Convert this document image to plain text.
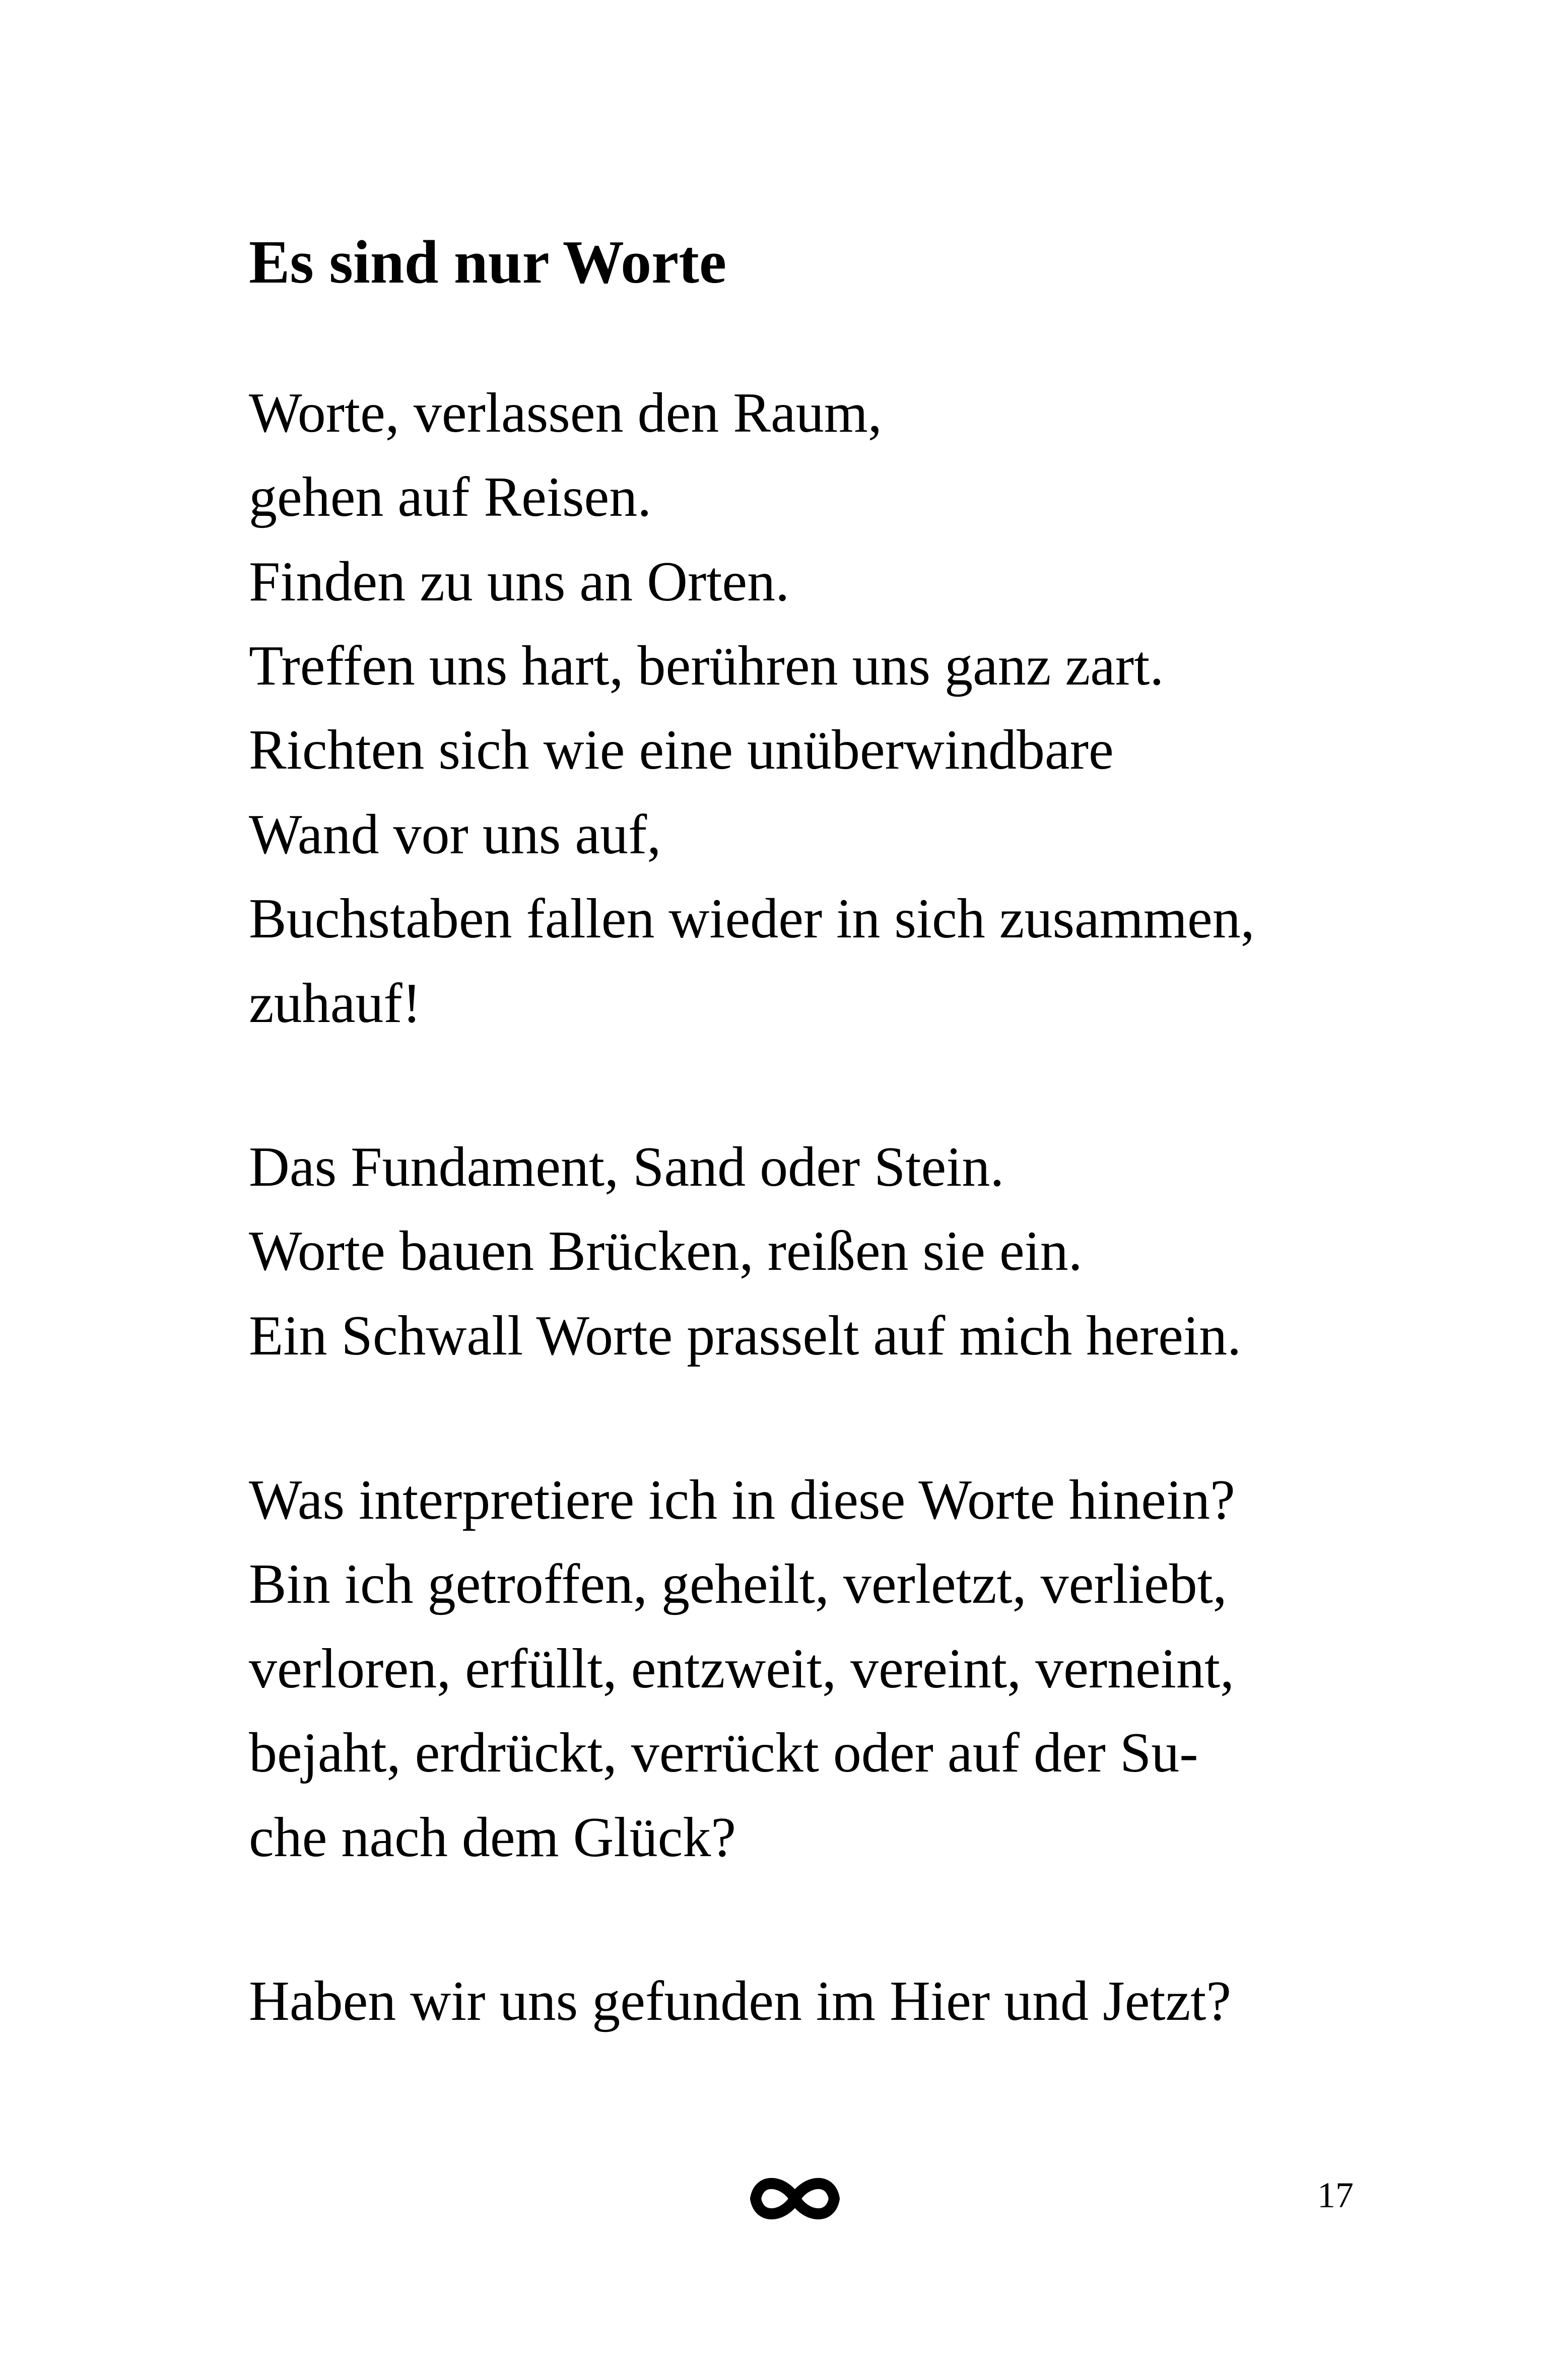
Es sind nur Worte

Worte, verlassen den Raum,

gehen auf Reisen.

Finden zu uns an Orten.

Treffen uns hart, berühren uns ganz zart.

Richten sich wie eine unüberwindbare

Wand vor uns auf,

Buchstaben fallen wieder in sich zusammen,

zuhauf!

Das Fundament, Sand oder Stein.

Worte bauen Brücken, reißen sie ein.

Ein Schwall Worte prasselt auf mich herein.

Was interpretiere ich in diese Worte hinein?

Bin ich getroffen, geheilt, verletzt, verliebt,

verloren, erfüllt, entzweit, vereint, verneint,

bejaht, erdrückt, verrückt oder auf der Su-

che nach dem Glück?

Haben wir uns gefunden im Hier und Jetzt?

17
